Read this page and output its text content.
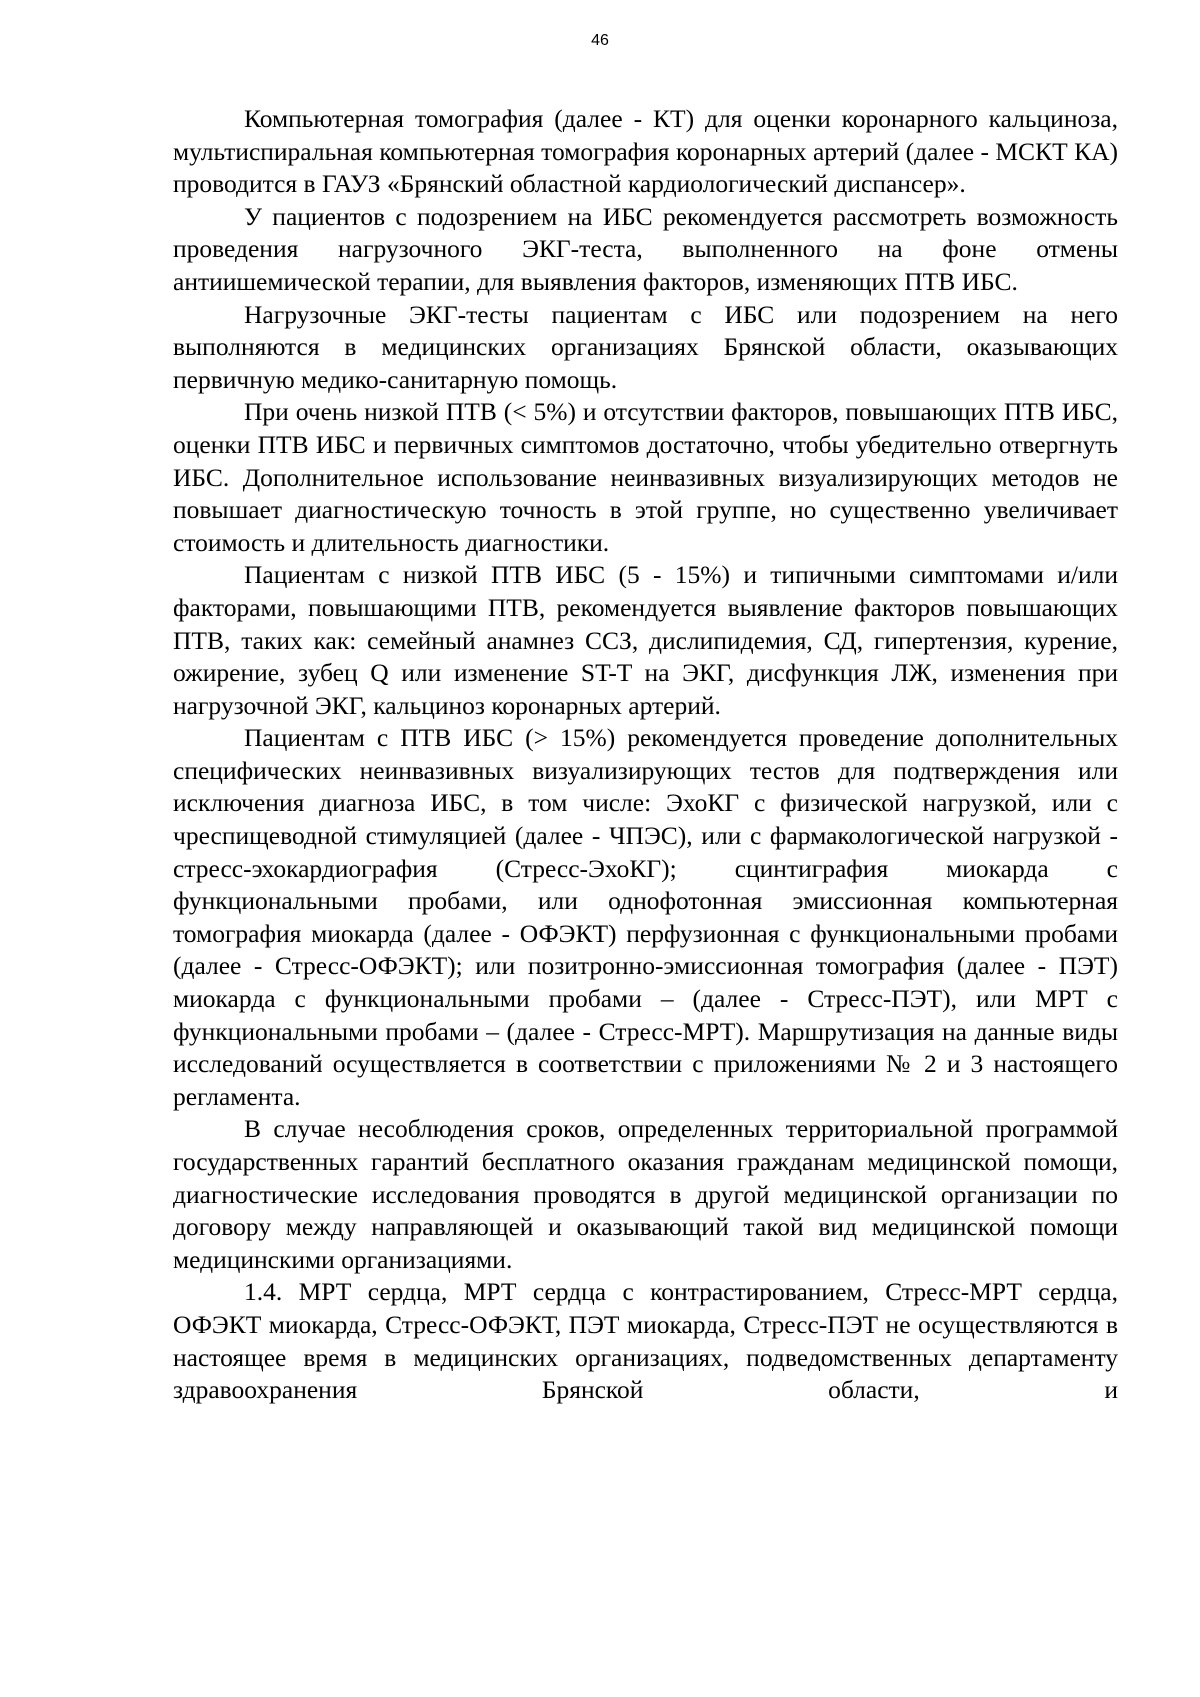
46

Компьютерная томография (далее - КТ) для оценки коронарного кальциноза, мультиспиральная компьютерная томография коронарных артерий (далее - МСКТ КА) проводится в ГАУЗ «Брянский областной кардиологический диспансер».

У пациентов с подозрением на ИБС рекомендуется рассмотреть возможность проведения нагрузочного ЭКГ-теста, выполненного на фоне отмены антиишемической терапии, для выявления факторов, изменяющих ПТВ ИБС.

Нагрузочные ЭКГ-тесты пациентам с ИБС или подозрением на него выполняются в медицинских организациях Брянской области, оказывающих первичную медико-санитарную помощь.

При очень низкой ПТВ (< 5%) и отсутствии факторов, повышающих ПТВ ИБС, оценки ПТВ ИБС и первичных симптомов достаточно, чтобы убедительно отвергнуть ИБС. Дополнительное использование неинвазивных визуализирующих методов не повышает диагностическую точность в этой группе, но существенно увеличивает стоимость и длительность диагностики.

Пациентам с низкой ПТВ ИБС (5 - 15%) и типичными симптомами и/или факторами, повышающими ПТВ, рекомендуется выявление факторов повышающих ПТВ, таких как: семейный анамнез ССЗ, дислипидемия, СД, гипертензия, курение, ожирение, зубец Q или изменение ST-T на ЭКГ, дисфункция ЛЖ, изменения при нагрузочной ЭКГ, кальциноз коронарных артерий.

Пациентам с ПТВ ИБС (> 15%) рекомендуется проведение дополнительных специфических неинвазивных визуализирующих тестов для подтверждения или исключения диагноза ИБС, в том числе: ЭхоКГ с физической нагрузкой, или с чреспищеводной стимуляцией (далее - ЧПЭС), или с фармакологической нагрузкой - стресс-эхокардиография (Стресс-ЭхоКГ); сцинтиграфия миокарда с функциональными пробами, или однофотонная эмиссионная компьютерная томография миокарда (далее - ОФЭКТ) перфузионная с функциональными пробами (далее - Стресс-ОФЭКТ); или позитронно-эмиссионная томография (далее - ПЭТ) миокарда с функциональными пробами – (далее - Стресс-ПЭТ), или МРТ с функциональными пробами – (далее - Стресс-МРТ). Маршрутизация на данные виды исследований осуществляется в соответствии с приложениями № 2 и 3 настоящего регламента.

В случае несоблюдения сроков, определенных территориальной программой государственных гарантий бесплатного оказания гражданам медицинской помощи, диагностические исследования проводятся в другой медицинской организации по договору между направляющей и оказывающий такой вид медицинской помощи медицинскими организациями.

1.4. МРТ сердца, МРТ сердца с контрастированием, Стресс-МРТ сердца, ОФЭКТ миокарда, Стресс-ОФЭКТ, ПЭТ миокарда, Стресс-ПЭТ не осуществляются в настоящее время в медицинских организациях, подведомственных департаменту здравоохранения Брянской области, и
